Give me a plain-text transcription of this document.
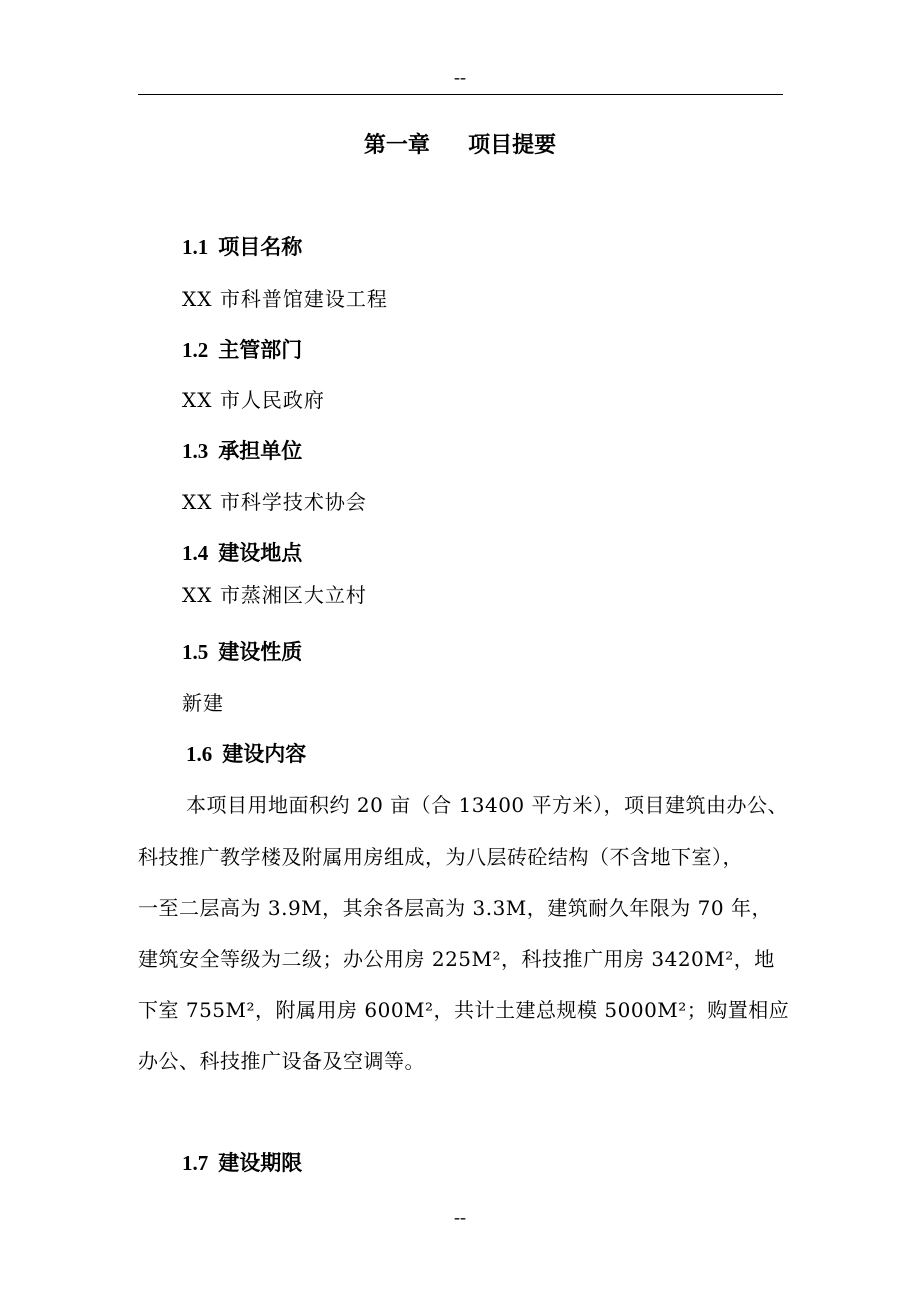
--
第一章     项目提要
1.1 项目名称
XX 市科普馆建设工程
1.2 主管部门
XX 市人民政府
1.3 承担单位
XX 市科学技术协会
1.4 建设地点
XX 市蒸湘区大立村
1.5 建设性质
新建
1.6 建设内容
本项目用地面积约 20 亩（合 13400 平方米），项目建筑由办公、
科技推广教学楼及附属用房组成，为八层砖砼结构（不含地下室），
一至二层高为 3.9M，其余各层高为 3.3M，建筑耐久年限为 70 年，
建筑安全等级为二级；办公用房 225M²，科技推广用房 3420M²，地
下室 755M²，附属用房 600M²，共计土建总规模 5000M²；购置相应
办公、科技推广设备及空调等。
1.7 建设期限
--
